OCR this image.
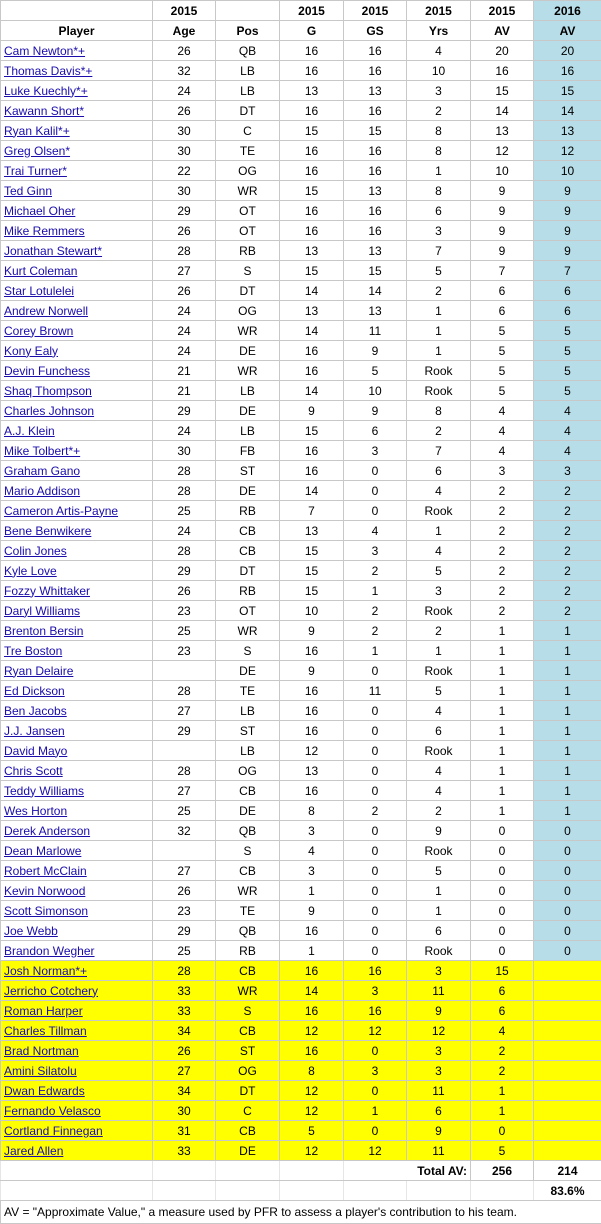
	2015		2015	2015	2015	2015	2016
Player	Age	Pos	G	GS	Yrs	AV	AV
Cam Newton*+	26	QB	16	16	4	20	20
Thomas Davis*+	32	LB	16	16	10	16	16
Luke Kuechly*+	24	LB	13	13	3	15	15
Kawann Short*	26	DT	16	16	2	14	14
Ryan Kalil*+	30	C	15	15	8	13	13
Greg Olsen*	30	TE	16	16	8	12	12
Trai Turner*	22	OG	16	16	1	10	10
Ted Ginn	30	WR	15	13	8	9	9
Michael Oher	29	OT	16	16	6	9	9
Mike Remmers	26	OT	16	16	3	9	9
Jonathan Stewart*	28	RB	13	13	7	9	9
Kurt Coleman	27	S	15	15	5	7	7
Star Lotulelei	26	DT	14	14	2	6	6
Andrew Norwell	24	OG	13	13	1	6	6
Corey Brown	24	WR	14	11	1	5	5
Kony Ealy	24	DE	16	9	1	5	5
Devin Funchess	21	WR	16	5	Rook	5	5
Shaq Thompson	21	LB	14	10	Rook	5	5
Charles Johnson	29	DE	9	9	8	4	4
A.J. Klein	24	LB	15	6	2	4	4
Mike Tolbert*+	30	FB	16	3	7	4	4
Graham Gano	28	ST	16	0	6	3	3
Mario Addison	28	DE	14	0	4	2	2
Cameron Artis-Payne	25	RB	7	0	Rook	2	2
Bene Benwikere	24	CB	13	4	1	2	2
Colin Jones	28	CB	15	3	4	2	2
Kyle Love	29	DT	15	2	5	2	2
Fozzy Whittaker	26	RB	15	1	3	2	2
Daryl Williams	23	OT	10	2	Rook	2	2
Brenton Bersin	25	WR	9	2	2	1	1
Tre Boston	23	S	16	1	1	1	1
Ryan Delaire		DE	9	0	Rook	1	1
Ed Dickson	28	TE	16	11	5	1	1
Ben Jacobs	27	LB	16	0	4	1	1
J.J. Jansen	29	ST	16	0	6	1	1
David Mayo		LB	12	0	Rook	1	1
Chris Scott	28	OG	13	0	4	1	1
Teddy Williams	27	CB	16	0	4	1	1
Wes Horton	25	DE	8	2	2	1	1
Derek Anderson	32	QB	3	0	9	0	0
Dean Marlowe		S	4	0	Rook	0	0
Robert McClain	27	CB	3	0	5	0	0
Kevin Norwood	26	WR	1	0	1	0	0
Scott Simonson	23	TE	9	0	1	0	0
Joe Webb	29	QB	16	0	6	0	0
Brandon Wegher	25	RB	1	0	Rook	0	0
Josh Norman*+	28	CB	16	16	3	15	
Jerricho Cotchery	33	WR	14	3	11	6	
Roman Harper	33	S	16	16	9	6	
Charles Tillman	34	CB	12	12	12	4	
Brad Nortman	26	ST	16	0	3	2	
Amini Silatolu	27	OG	8	3	3	2	
Dwan Edwards	34	DT	12	0	11	1	
Fernando Velasco	30	C	12	1	6	1	
Cortland Finnegan	31	CB	5	0	9	0	
Jared Allen	33	DE	12	12	11	5	
				Total AV:		256	214
							83.6%
AV = "Approximate Value," a measure used by PFR to assess a player's contribution to his team.							
